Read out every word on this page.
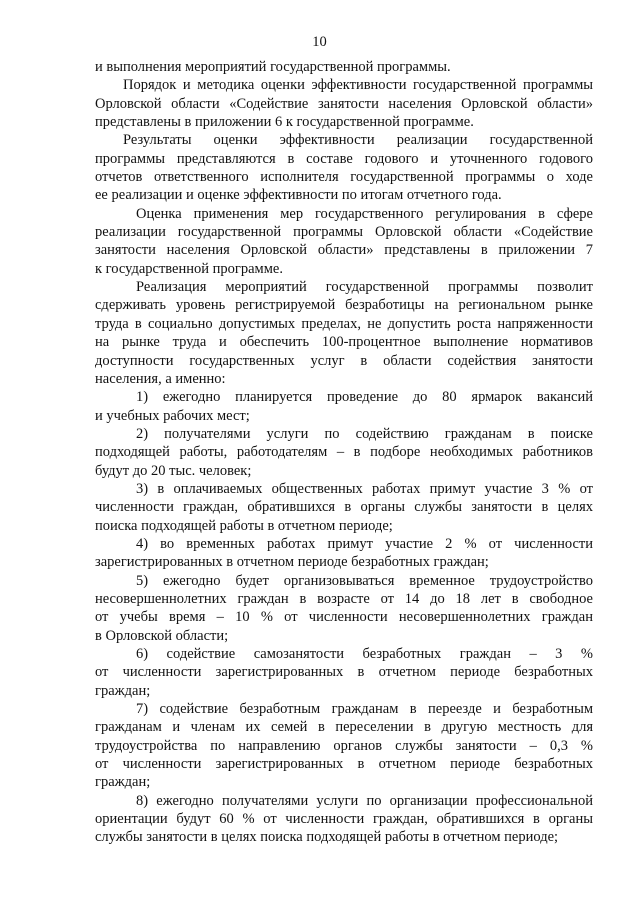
10
и выполнения мероприятий государственной программы.
Порядок и методика оценки эффективности государственной программы
Орловской области «Содействие занятости населения Орловской области»
представлены в приложении 6 к государственной программе.
Результаты оценки эффективности реализации государственной
программы представляются в составе годового и уточненного годового
отчетов ответственного исполнителя государственной программы о ходе
ее реализации и оценке эффективности по итогам отчетного года.
Оценка применения мер государственного регулирования в сфере
реализации государственной программы Орловской области «Содействие
занятости населения Орловской области» представлены в приложении 7
к государственной программе.
Реализация мероприятий государственной программы позволит
сдерживать уровень регистрируемой безработицы на региональном рынке
труда в социально допустимых пределах, не допустить роста напряженности
на рынке труда и обеспечить 100-процентное выполнение нормативов
доступности государственных услуг в области содействия занятости
населения, а именно:
1) ежегодно планируется проведение до 80 ярмарок вакансий
и учебных рабочих мест;
2) получателями услуги по содействию гражданам в поиске
подходящей работы, работодателям – в подборе необходимых работников
будут до 20 тыс. человек;
3) в оплачиваемых общественных работах примут участие 3 % от
численности граждан, обратившихся в органы службы занятости в целях
поиска подходящей работы в отчетном периоде;
4) во временных работах примут участие 2 % от численности
зарегистрированных в отчетном периоде безработных граждан;
5) ежегодно будет организовываться временное трудоустройство
несовершеннолетних граждан в возрасте от 14 до 18 лет в свободное
от учебы время – 10 % от численности несовершеннолетних граждан
в Орловской области;
6) содействие самозанятости безработных граждан – 3 %
от численности зарегистрированных в отчетном периоде безработных
граждан;
7) содействие безработным гражданам в переезде и безработным
гражданам и членам их семей в переселении в другую местность для
трудоустройства по направлению органов службы занятости – 0,3 %
от численности зарегистрированных в отчетном периоде безработных
граждан;
8) ежегодно получателями услуги по организации профессиональной
ориентации будут 60 % от численности граждан, обратившихся в органы
службы занятости в целях поиска подходящей работы в отчетном периоде;
